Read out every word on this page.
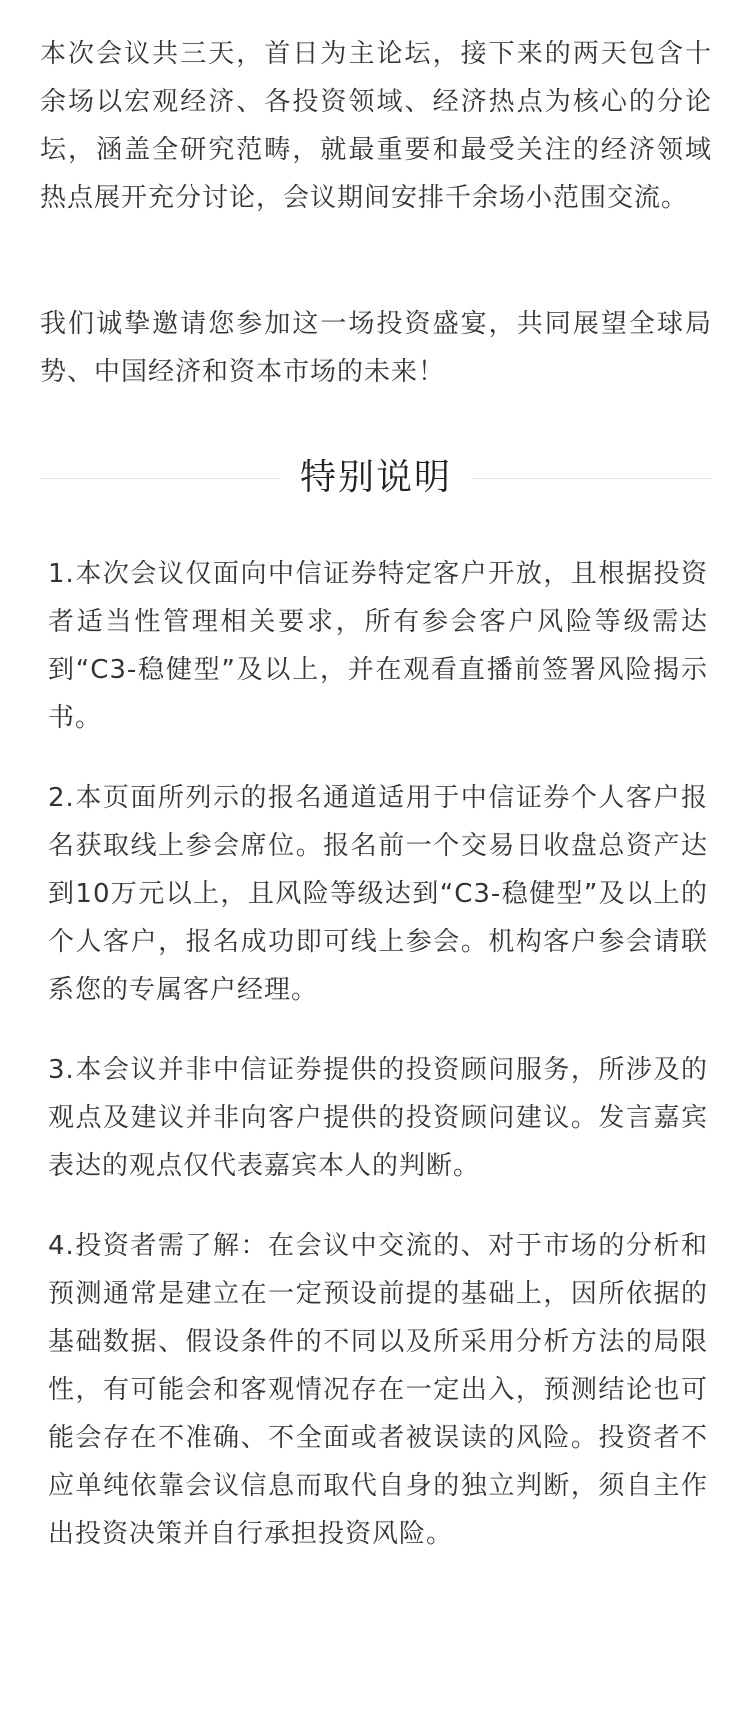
本次会议共三天，首日为主论坛，接下来的两天包含十余场以宏观经济、各投资领域、经济热点为核心的分论坛，涵盖全研究范畴，就最重要和最受关注的经济领域热点展开充分讨论，会议期间安排千余场小范围交流。

我们诚挚邀请您参加这一场投资盛宴，共同展望全球局势、中国经济和资本市场的未来！

特别说明

1.本次会议仅面向中信证券特定客户开放，且根据投资者适当性管理相关要求，所有参会客户风险等级需达到“C3-稳健型”及以上，并在观看直播前签署风险揭示书。

2.本页面所列示的报名通道适用于中信证券个人客户报名获取线上参会席位。报名前一个交易日收盘总资产达到10万元以上，且风险等级达到“C3-稳健型”及以上的个人客户，报名成功即可线上参会。机构客户参会请联系您的专属客户经理。

3.本会议并非中信证券提供的投资顾问服务，所涉及的观点及建议并非向客户提供的投资顾问建议。发言嘉宾表达的观点仅代表嘉宾本人的判断。

4.投资者需了解：在会议中交流的、对于市场的分析和预测通常是建立在一定预设前提的基础上，因所依据的基础数据、假设条件的不同以及所采用分析方法的局限性，有可能会和客观情况存在一定出入，预测结论也可能会存在不准确、不全面或者被误读的风险。投资者不应单纯依靠会议信息而取代自身的独立判断，须自主作出投资决策并自行承担投资风险。
